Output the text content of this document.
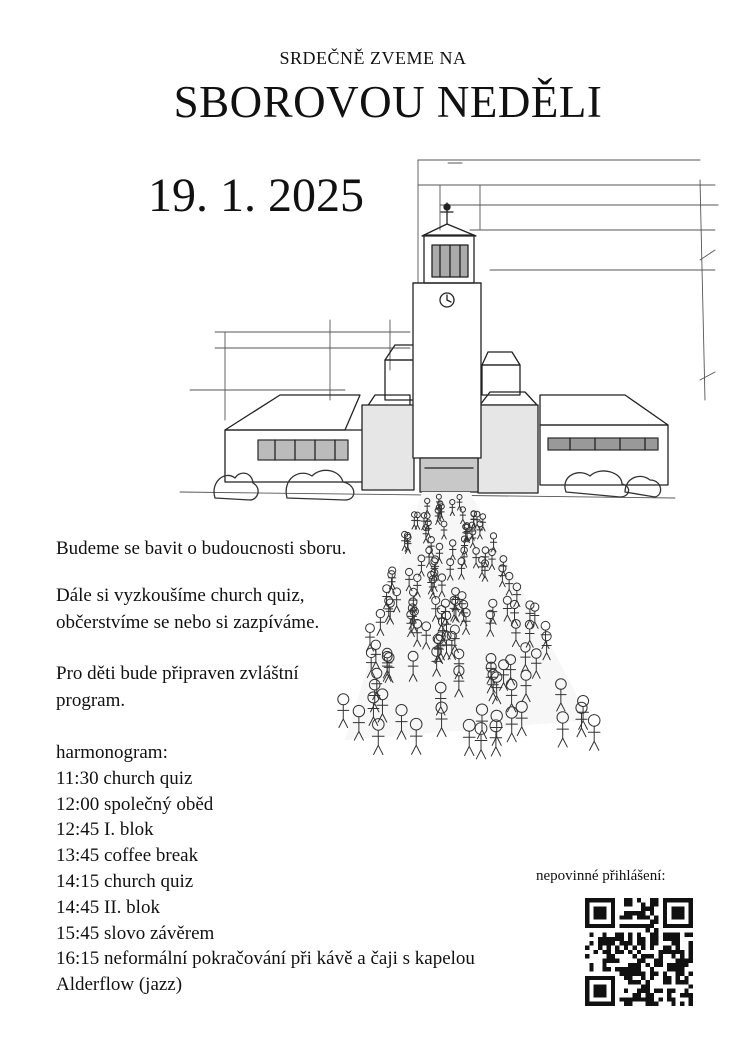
SRDEČNĚ ZVEME NA
SBOROVOU NEDĚLI
19. 1. 2025
Budeme se bavit o budoucnosti sboru.
Dále si vyzkoušíme church quiz, občerstvíme se nebo si zazpíváme.
Pro děti bude připraven zvláštní program.
harmonogram:
11:30 church quiz
12:00 společný oběd
12:45 I. blok
13:45 coffee break
14:15 church quiz
14:45 II. blok
15:45 slovo závěrem
16:15 neformální pokračování při kávě a čaji s kapelou
Alderflow (jazz)
nepovinné přihlášení:
